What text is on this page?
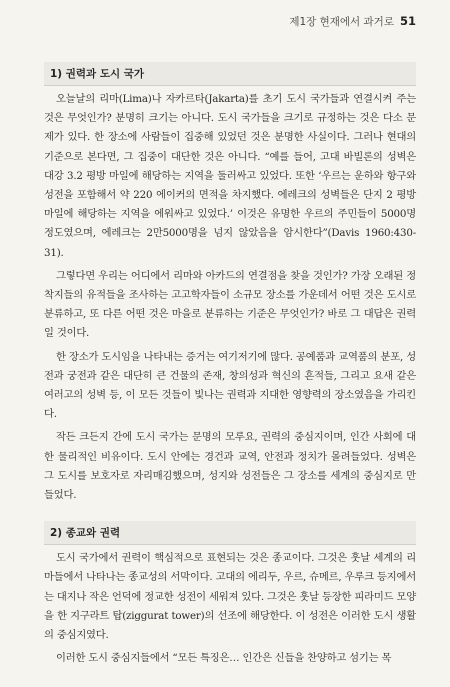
제1장 현재에서 과거로 51
1) 권력과 도시 국가

오늘날의 리마(Lima)나 자카르타(Jakarta)를 초기 도시 국가들과 연결시켜 주는 것은 무엇인가? 분명히 크기는 아니다. 도시 국가들을 크기로 규정하는 것은 다소 문제가 있다. 한 장소에 사람들이 집중해 있었던 것은 분명한 사실이다. 그러나 현대의 기준으로 본다면, 그 집중이 대단한 것은 아니다. “예를 들어, 고대 바빌론의 성벽은 대강 3.2 평방 마일에 해당하는 지역을 둘러싸고 있었다. 또한 ‘우르는 운하와 항구와 성전을 포함해서 약 220 에이커의 면적을 차지했다. 에레크의 성벽들은 단지 2 평방 마일에 해당하는 지역을 에워싸고 있었다.’ 이것은 유명한 우르의 주민들이 5000명 정도였으며, 에레크는 2만5000명을 넘지 않았음을 암시한다”(Davis 1960:430-31).

그렇다면 우리는 어디에서 리마와 아카드의 연결점을 찾을 것인가? 가장 오래된 정착지들의 유적들을 조사하는 고고학자들이 소규모 장소를 가운데서 어떤 것은 도시로 분류하고, 또 다른 어떤 것은 마을로 분류하는 기준은 무엇인가? 바로 그 대답은 권력일 것이다.

한 장소가 도시임을 나타내는 증거는 여기저기에 많다. 공예품과 교역품의 분포, 성전과 궁전과 같은 대단히 큰 건물의 존재, 창의성과 혁신의 흔적들, 그리고 요새 같은 여러고의 성벽 등, 이 모든 것들이 빛나는 권력과 지대한 영향력의 장소였음을 가리킨다.

작든 크든지 간에 도시 국가는 문명의 모루요, 권력의 중심지이며, 인간 사회에 대한 물리적인 비유이다. 도시 안에는 경건과 교역, 안전과 정치가 몰려들었다. 성벽은 그 도시를 보호자로 자리매김했으며, 성지와 성전들은 그 장소를 세계의 중심지로 만들었다.

2) 종교와 권력

도시 국가에서 권력이 핵심적으로 표현되는 것은 종교이다. 그것은 훗날 세계의 리마들에서 나타나는 종교성의 서막이다. 고대의 에리두, 우르, 슈메르, 우루크 등지에서는 대지나 작은 언덕에 정교한 성전이 세워져 있다. 그것은 훗날 등장한 피라미드 모양을 한 지구라트 탑(ziggurat tower)의 선조에 해당한다. 이 성전은 이러한 도시 생활의 중심지였다.

이러한 도시 중심지들에서 “모든 특징은… 인간은 신들을 찬양하고 섬기는 목
